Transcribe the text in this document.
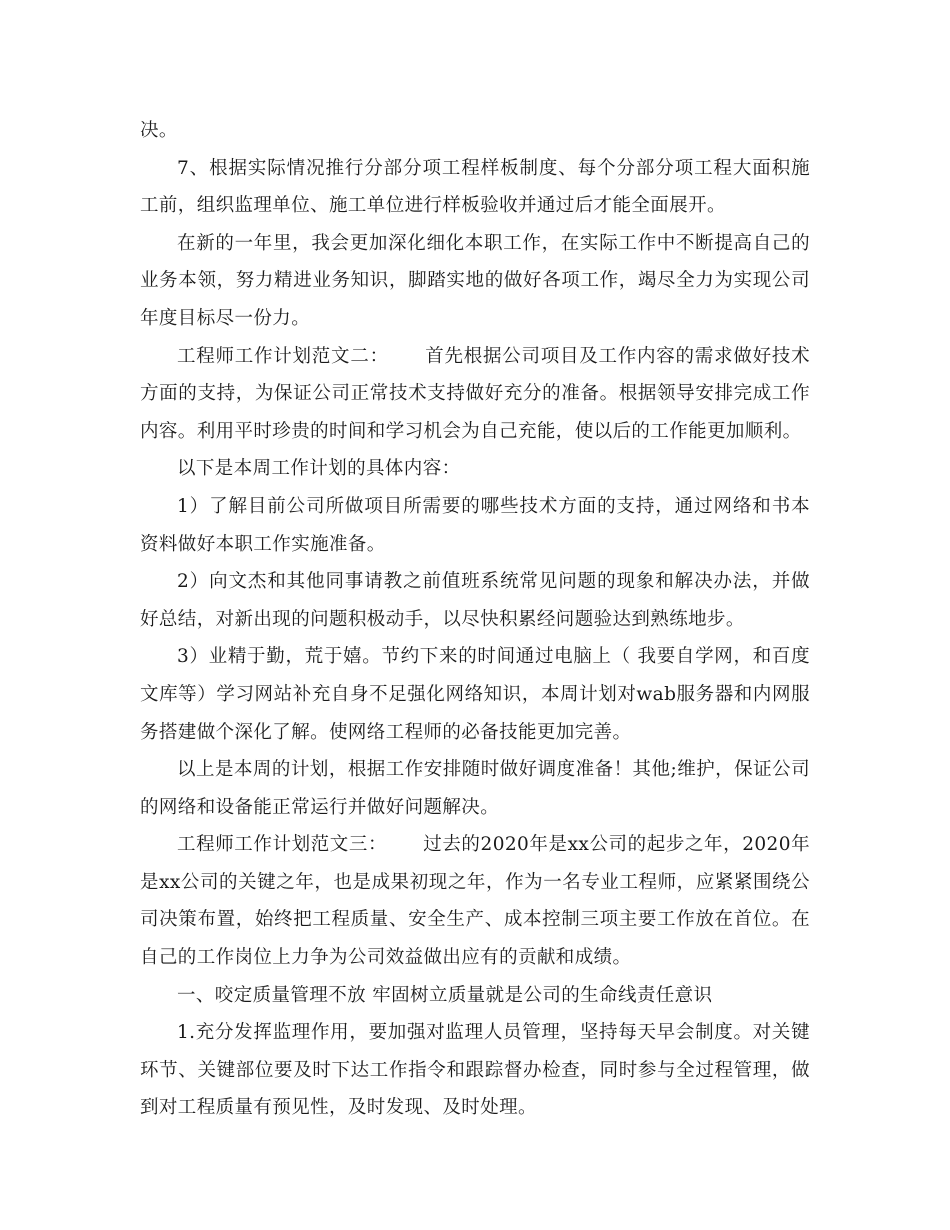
决。

7、根据实际情况推行分部分项工程样板制度、每个分部分项工程大面积施工前，组织监理单位、施工单位进行样板验收并通过后才能全面展开。

在新的一年里，我会更加深化细化本职工作，在实际工作中不断提高自己的业务本领，努力精进业务知识，脚踏实地的做好各项工作，竭尽全力为实现公司年度目标尽一份力。

工程师工作计划范文二： 首先根据公司项目及工作内容的需求做好技术方面的支持，为保证公司正常技术支持做好充分的准备。根据领导安排完成工作内容。利用平时珍贵的时间和学习机会为自己充能，使以后的工作能更加顺利。

以下是本周工作计划的具体内容：

1）了解目前公司所做项目所需要的哪些技术方面的支持，通过网络和书本资料做好本职工作实施准备。

2）向文杰和其他同事请教之前值班系统常见问题的现象和解决办法，并做好总结，对新出现的问题积极动手，以尽快积累经问题验达到熟练地步。

3）业精于勤，荒于嬉。节约下来的时间通过电脑上（ 我要自学网，和百度文库等）学习网站补充自身不足强化网络知识，本周计划对wab服务器和内网服务搭建做个深化了解。使网络工程师的必备技能更加完善。

以上是本周的计划，根据工作安排随时做好调度准备！其他;维护，保证公司的网络和设备能正常运行并做好问题解决。

工程师工作计划范文三： 过去的2020年是xx公司的起步之年，2020年是xx公司的关键之年，也是成果初现之年，作为一名专业工程师，应紧紧围绕公司决策布置，始终把工程质量、安全生产、成本控制三项主要工作放在首位。在自己的工作岗位上力争为公司效益做出应有的贡献和成绩。

一、咬定质量管理不放 牢固树立质量就是公司的生命线责任意识

1.充分发挥监理作用，要加强对监理人员管理，坚持每天早会制度。对关键环节、关键部位要及时下达工作指令和跟踪督办检查，同时参与全过程管理，做到对工程质量有预见性，及时发现、及时处理。
